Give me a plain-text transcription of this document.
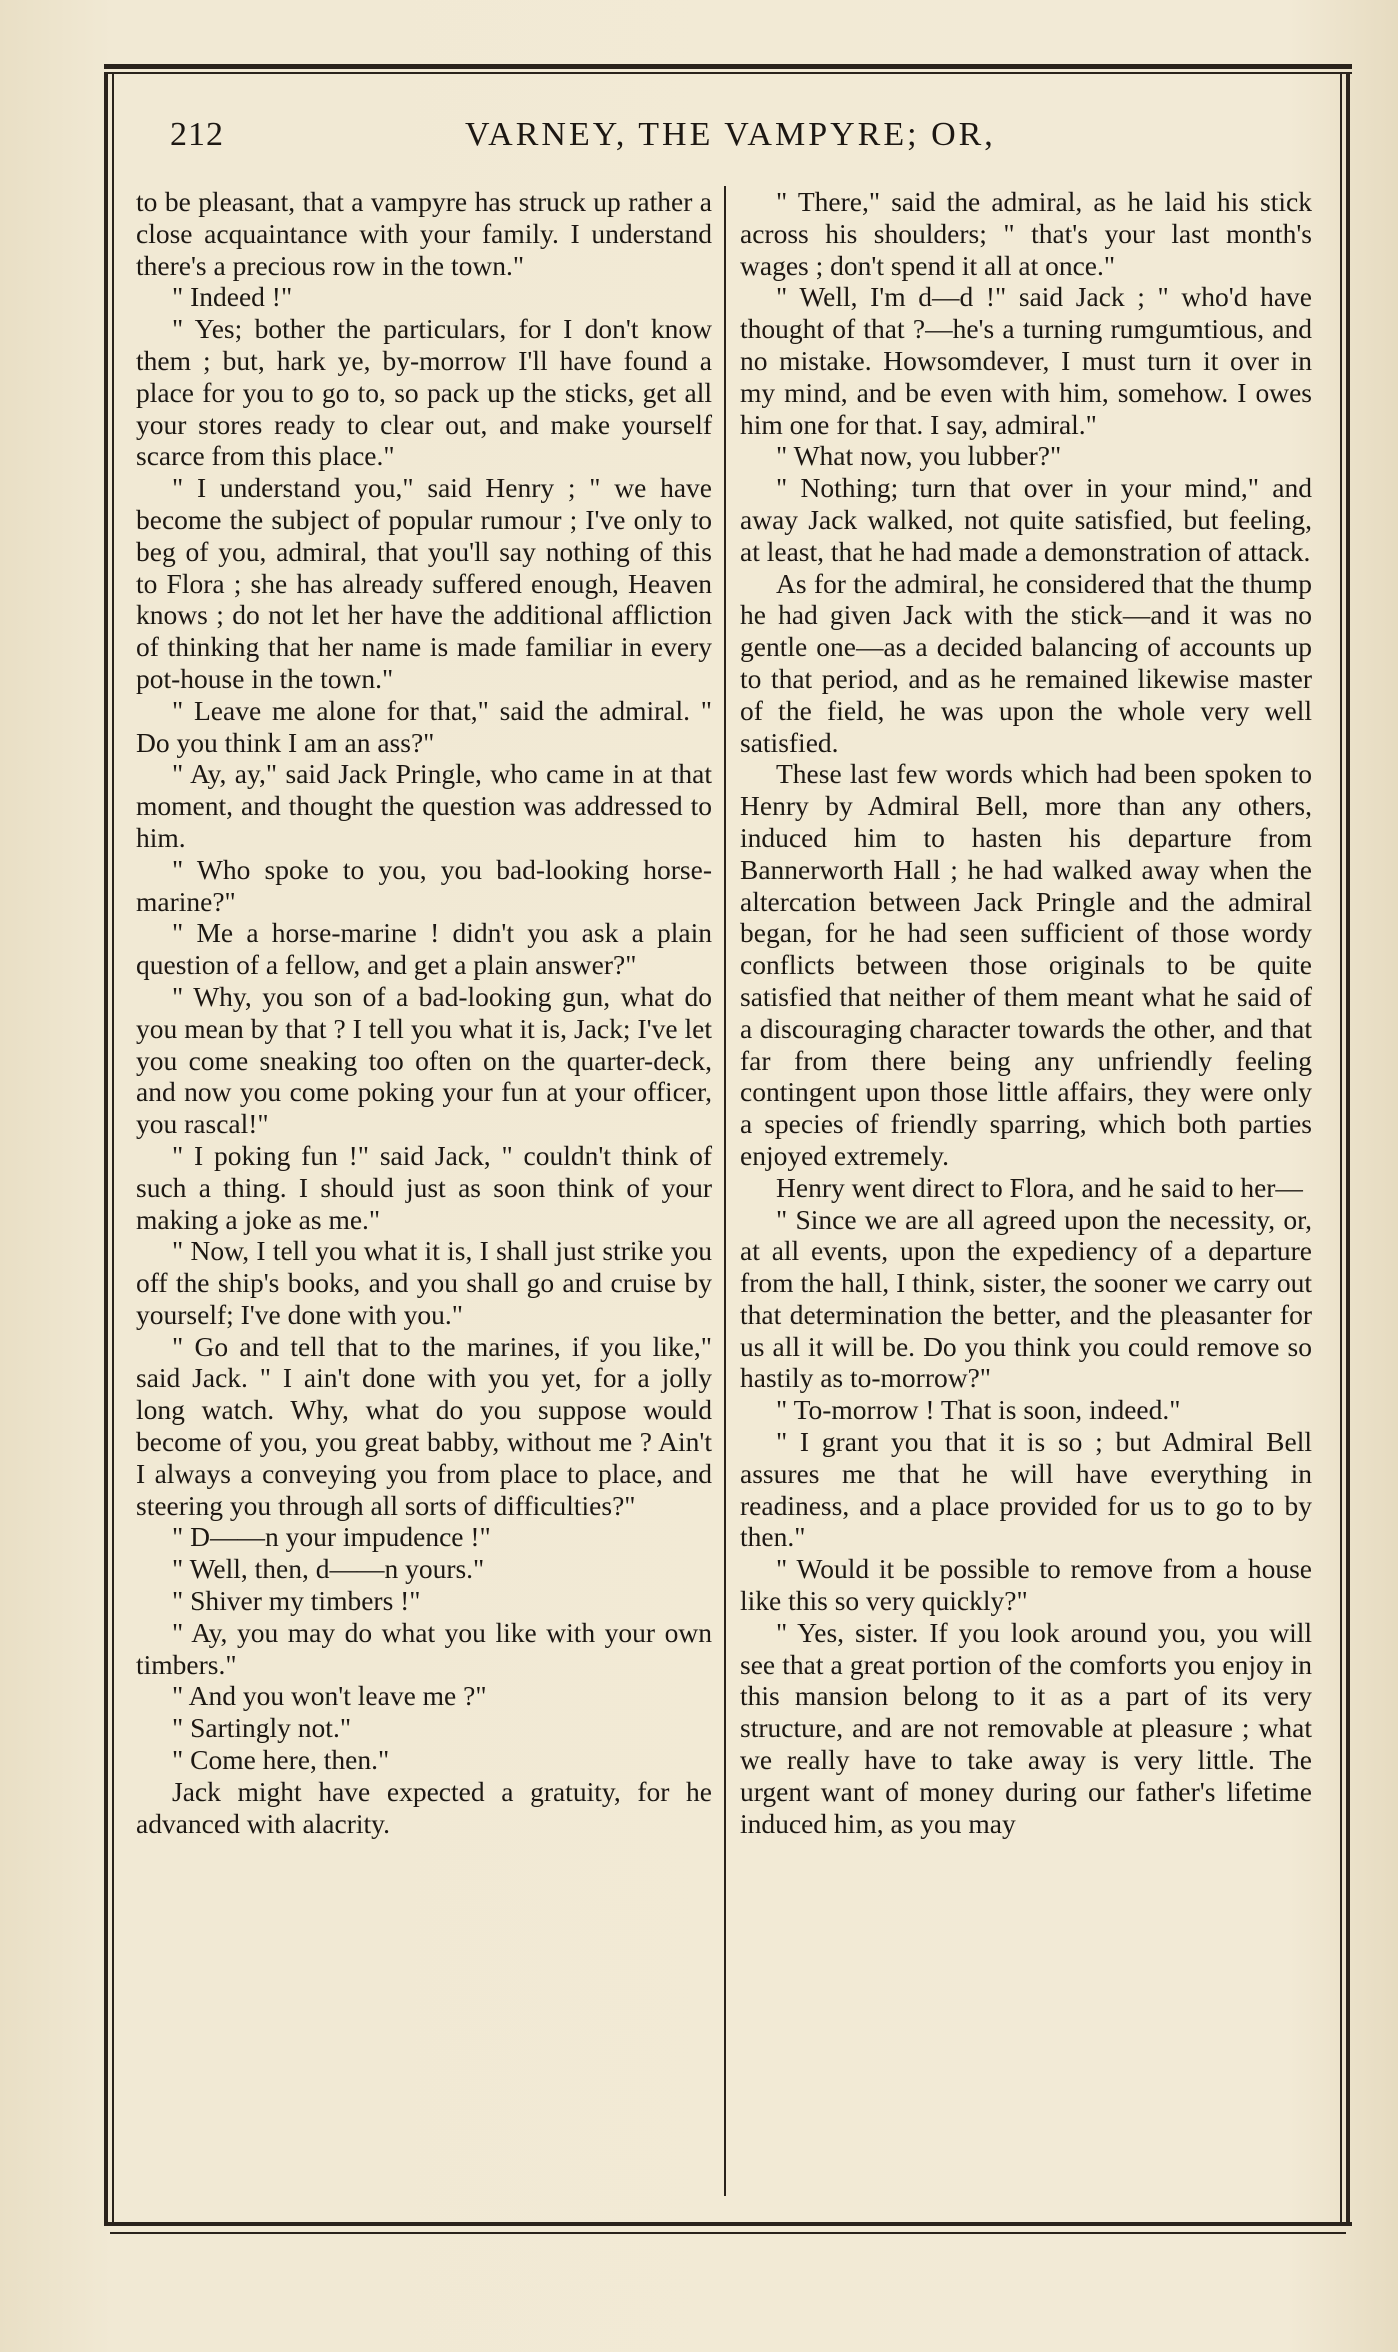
212	VARNEY, THE VAMPYRE; OR,

to be pleasant, that a vampyre has struck up rather a close acquaintance with your family. I understand there's a precious row in the town."

" Indeed !"

" Yes; bother the particulars, for I don't know them ; but, hark ye, by-morrow I'll have found a place for you to go to, so pack up the sticks, get all your stores ready to clear out, and make yourself scarce from this place."

" I understand you," said Henry ; " we have become the subject of popular rumour ; I've only to beg of you, admiral, that you'll say nothing of this to Flora ; she has already suffered enough, Heaven knows ; do not let her have the additional affliction of thinking that her name is made familiar in every pot-house in the town."

" Leave me alone for that," said the admiral. " Do you think I am an ass?"

" Ay, ay," said Jack Pringle, who came in at that moment, and thought the question was addressed to him.

" Who spoke to you, you bad-looking horse-marine?"

" Me a horse-marine ! didn't you ask a plain question of a fellow, and get a plain answer?"

" Why, you son of a bad-looking gun, what do you mean by that ? I tell you what it is, Jack; I've let you come sneaking too often on the quarter-deck, and now you come poking your fun at your officer, you rascal!"

" I poking fun !" said Jack, " couldn't think of such a thing. I should just as soon think of your making a joke as me."

" Now, I tell you what it is, I shall just strike you off the ship's books, and you shall go and cruise by yourself; I've done with you."

" Go and tell that to the marines, if you like," said Jack. " I ain't done with you yet, for a jolly long watch. Why, what do you suppose would become of you, you great babby, without me ? Ain't I always a conveying you from place to place, and steering you through all sorts of difficulties?"

" D——n your impudence !"

" Well, then, d——n yours."

" Shiver my timbers !"

" Ay, you may do what you like with your own timbers."

" And you won't leave me ?"

" Sartingly not."

" Come here, then."

Jack might have expected a gratuity, for he advanced with alacrity.

" There," said the admiral, as he laid his stick across his shoulders; " that's your last month's wages ; don't spend it all at once."

" Well, I'm d—d !" said Jack ; " who'd have thought of that ?—he's a turning rumgumtious, and no mistake. Howsomdever, I must turn it over in my mind, and be even with him, somehow. I owes him one for that. I say, admiral."

" What now, you lubber?"

" Nothing; turn that over in your mind," and away Jack walked, not quite satisfied, but feeling, at least, that he had made a demonstration of attack.

As for the admiral, he considered that the thump he had given Jack with the stick—and it was no gentle one—as a decided balancing of accounts up to that period, and as he remained likewise master of the field, he was upon the whole very well satisfied.

These last few words which had been spoken to Henry by Admiral Bell, more than any others, induced him to hasten his departure from Bannerworth Hall ; he had walked away when the altercation between Jack Pringle and the admiral began, for he had seen sufficient of those wordy conflicts between those originals to be quite satisfied that neither of them meant what he said of a discouraging character towards the other, and that far from there being any unfriendly feeling contingent upon those little affairs, they were only a species of friendly sparring, which both parties enjoyed extremely.

Henry went direct to Flora, and he said to her—

" Since we are all agreed upon the necessity, or, at all events, upon the expediency of a departure from the hall, I think, sister, the sooner we carry out that determination the better, and the pleasanter for us all it will be. Do you think you could remove so hastily as to-morrow?"

" To-morrow ! That is soon, indeed."

" I grant you that it is so ; but Admiral Bell assures me that he will have everything in readiness, and a place provided for us to go to by then."

" Would it be possible to remove from a house like this so very quickly?"

" Yes, sister. If you look around you, you will see that a great portion of the comforts you enjoy in this mansion belong to it as a part of its very structure, and are not removable at pleasure ; what we really have to take away is very little. The urgent want of money during our father's lifetime induced him, as you may
